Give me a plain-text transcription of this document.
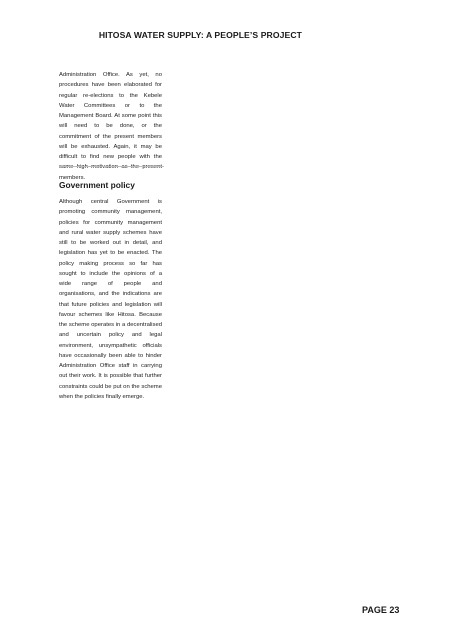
HITOSA WATER SUPPLY: A PEOPLE’S PROJECT

Administration Office. As yet, no procedures have been elaborated for regular re-elections to the Kebele Water Committees or to the Management Board. At some point this will need to be done, or the commitment of the present members will be exhausted. Again, it may be difficult to find new people with the same high motivation as the present members.

Government policy

Although central Government is promoting community management, policies for community management and rural water supply schemes have still to be worked out in detail, and legislation has yet to be enacted. The policy making process so far has sought to include the opinions of a wide range of people and organisations, and the indications are that future policies and legislation will favour schemes like Hitosa. Because the scheme operates in a decentralised and uncertain policy and legal environment, unsympathetic officials have occasionally been able to hinder Administration Office staff in carrying out their work. It is possible that further constraints could be put on the scheme when the policies finally emerge.

PAGE 23
